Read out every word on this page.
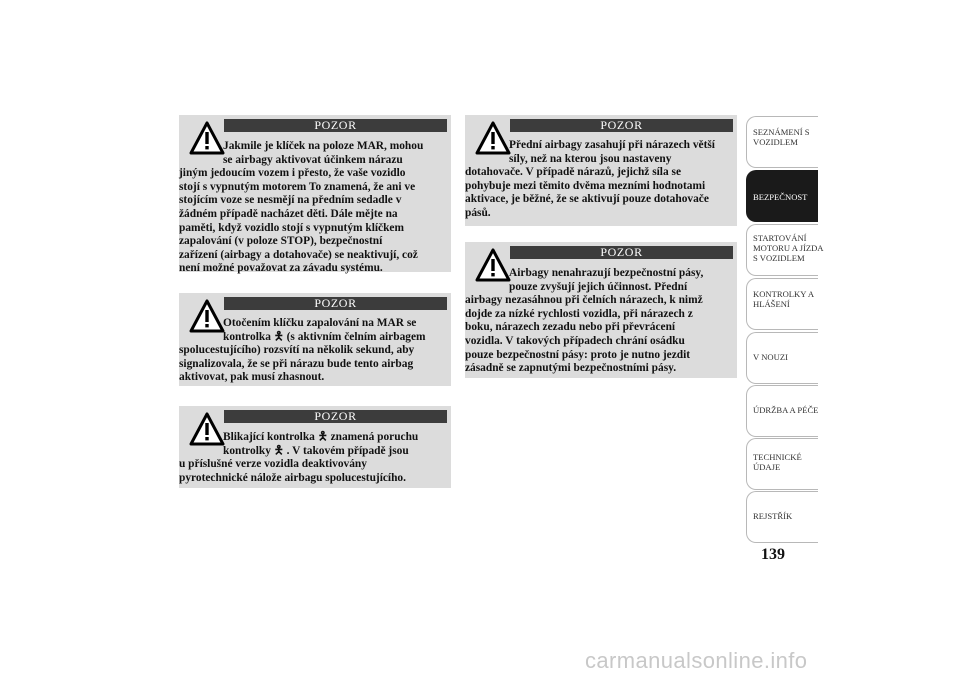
POZOR

Jakmile je klíček na poloze MAR, mohou

se airbagy aktivovat účinkem nárazu

jiným jedoucím vozem i přesto, že vaše vozidlo

stojí s vypnutým motorem To znamená, že ani ve

stojícím voze se nesmějí na předním sedadle v

žádném případě nacházet děti. Dále mějte na

paměti, když vozidlo stojí s vypnutým klíčkem

zapalování (v poloze STOP), bezpečnostní

zařízení (airbagy a dotahovače) se neaktivují, což

není možné považovat za závadu systému.

POZOR

Otočením klíčku zapalování na MAR se

kontrolka 🯅 (s aktivním čelním airbagem

spolucestujícího) rozsvítí na několik sekund, aby

signalizovala, že se při nárazu bude tento airbag

aktivovat, pak musí zhasnout.

POZOR

Blikající kontrolka 🯅 znamená poruchu

kontrolky 🯅 . V takovém případě jsou

u příslušné verze vozidla deaktivovány

pyrotechnické nálože airbagu spolucestujícího.

POZOR

Přední airbagy zasahují při nárazech větší

síly, než na kterou jsou nastaveny

dotahovače. V případě nárazů, jejichž síla se

pohybuje mezi těmito dvěma mezními hodnotami

aktivace, je běžné, že se aktivují pouze dotahovače

pásů.

POZOR

Airbagy nenahrazují bezpečnostní pásy,

pouze zvyšují jejich účinnost. Přední

airbagy nezasáhnou při čelních nárazech, k nimž

dojde za nízké rychlosti vozidla, při nárazech z

boku, nárazech zezadu nebo při převrácení

vozidla. V takových případech chrání osádku

pouze bezpečnostní pásy: proto je nutno jezdit

zásadně se zapnutými bezpečnostními pásy.

SEZNÁMENÍ S
VOZIDLEM
BEZPEČNOST
STARTOVÁNÍ
MOTORU A JÍZDA
S VOZIDLEM
KONTROLKY A
HLÁŠENÍ
V NOUZI
ÚDRŽBA A PÉČE
TECHNICKÉ
ÚDAJE
REJSTŘÍK
139
carmanualsonline.info
